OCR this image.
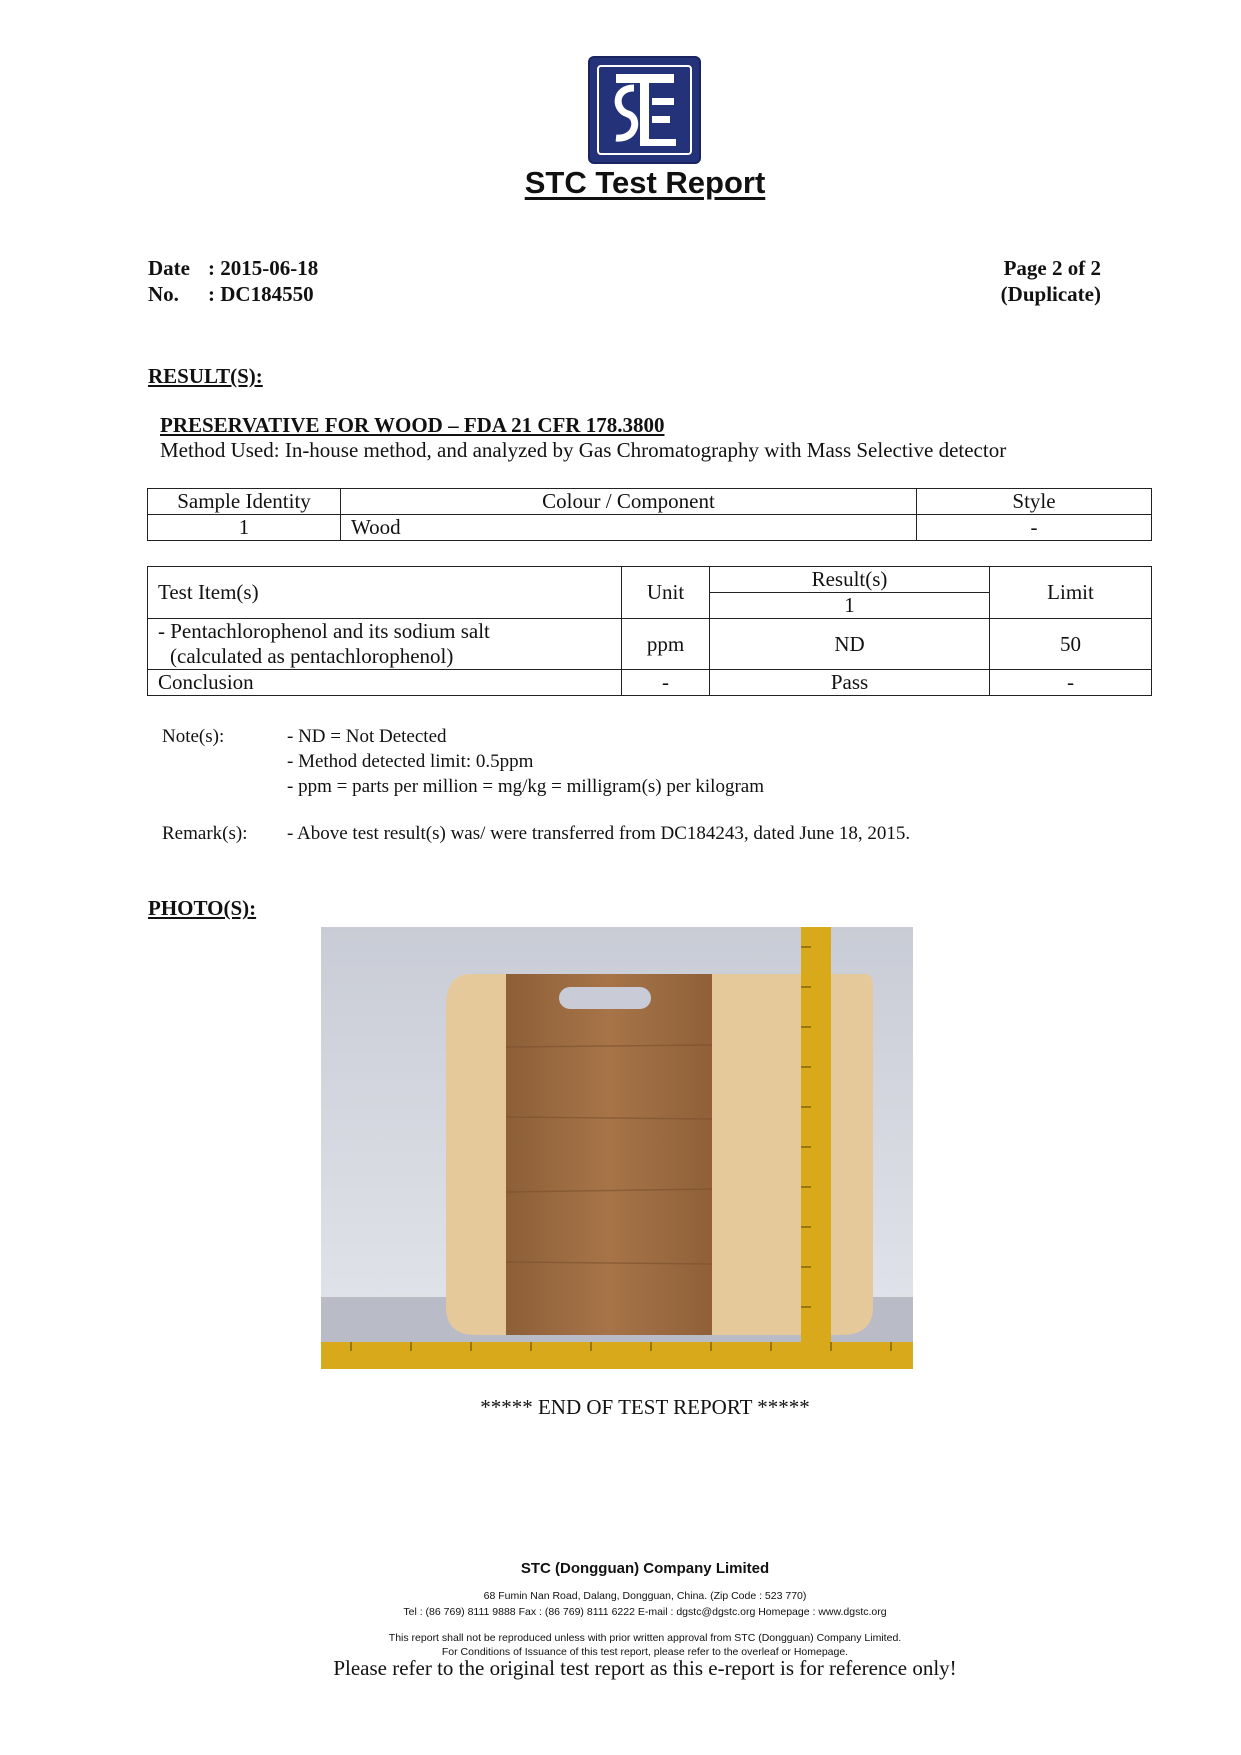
STC Test Report
Date : 2015-06-18
No. : DC184550
Page 2 of 2
(Duplicate)
RESULT(S):
PRESERVATIVE FOR WOOD – FDA 21 CFR 178.3800
Method Used: In-house method, and analyzed by Gas Chromatography with Mass Selective detector
Sample Identity	Colour / Component	Style
1	Wood	-
Test Item(s)	Unit	Result(s)	Limit
		1	

- Pentachlorophenol and its sodium salt
(calculated as pentachlorophenol)	ppm	ND	50
Conclusion	-	Pass	-
Note(s):	- ND = Not Detected
- Method detected limit: 0.5ppm
- ppm = parts per million = mg/kg = milligram(s) per kilogram
Remark(s): - Above test result(s) was/ were transferred from DC184243, dated June 18, 2015.
PHOTO(S):
***** END OF TEST REPORT *****
STC (Dongguan) Company Limited
68 Fumin Nan Road, Dalang, Dongguan, China. (Zip Code : 523 770)
Tel : (86 769) 8111 9888 Fax : (86 769) 8111 6222 E-mail : dgstc@dgstc.org Homepage : www.dgstc.org
This report shall not be reproduced unless with prior written approval from STC (Dongguan) Company Limited.
For Conditions of Issuance of this test report, please refer to the overleaf or Homepage.
Please refer to the original test report as this e-report is for reference only!
